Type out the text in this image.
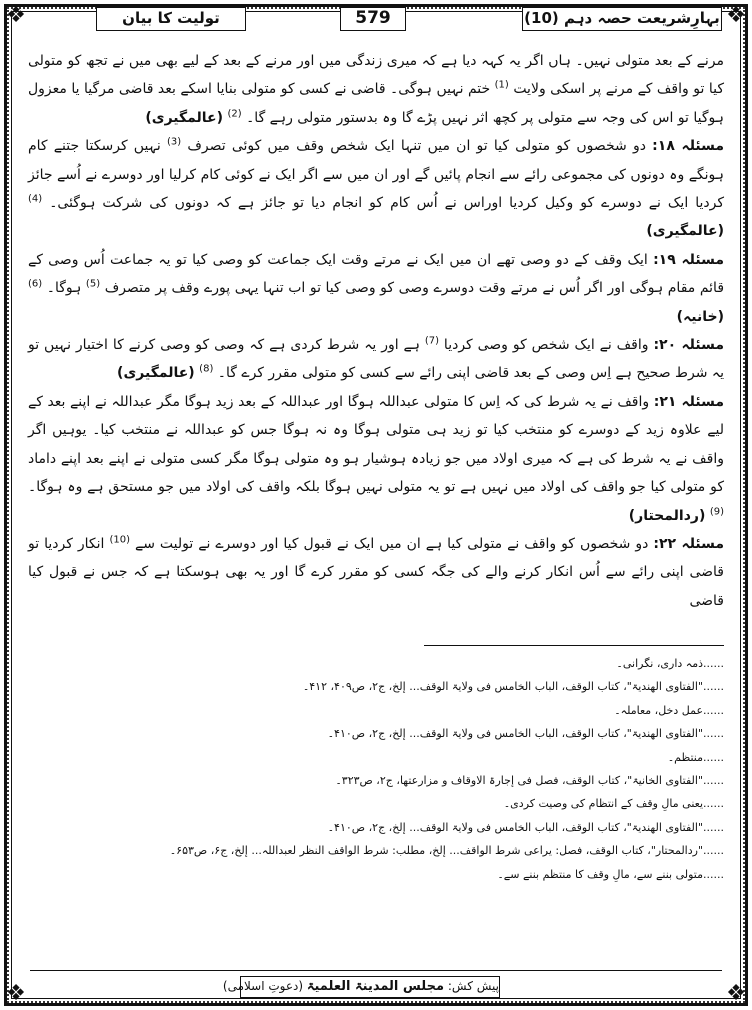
❖	❖
❖	❖
بہارِشریعت حصہ دہم (10)
579
تولیت کا بیان

مرنے کے بعد متولی نہیں۔ ہاں اگر یہ کہہ دیا ہے کہ میری زندگی میں اور مرنے کے بعد کے لیے بھی میں نے تجھ کو متولی کیا تو واقف کے مرنے پر اسکی ولایت $^{(1)}$ ختم نہیں ہوگی۔ قاضی نے کسی کو متولی بنایا اسکے بعد قاضی مرگیا یا معزول ہوگیا تو اس کی وجہ سے متولی پر کچھ اثر نہیں پڑے گا وہ بدستور متولی رہے گا۔ $^{(2)}$ (عالمگیری)

مسئلہ ۱۸: دو شخصوں کو متولی کیا تو ان میں تنہا ایک شخص وقف میں کوئی تصرف $^{(3)}$ نہیں کرسکتا جتنے کام ہونگے وہ دونوں کی مجموعی رائے سے انجام پائیں گے اور ان میں سے اگر ایک نے کوئی کام کرلیا اور دوسرے نے اُسے جائز کردیا ایک نے دوسرے کو وکیل کردیا اوراس نے اُس کام کو انجام دیا تو جائز ہے کہ دونوں کی شرکت ہوگئی۔ $^{(4)}$ (عالمگیری)

مسئلہ ۱۹: ایک وقف کے دو وصی تھے ان میں ایک نے مرتے وقت ایک جماعت کو وصی کیا تو یہ جماعت اُس وصی کے قائم مقام ہوگی اور اگر اُس نے مرتے وقت دوسرے وصی کو وصی کیا تو اب تنہا یہی پورے وقف پر متصرف $^{(5)}$ ہوگا۔ $^{(6)}$ (خانیہ)

مسئلہ ۲۰: واقف نے ایک شخص کو وصی کردیا $^{(7)}$ ہے اور یہ شرط کردی ہے کہ وصی کو وصی کرنے کا اختیار نہیں تو یہ شرط صحیح ہے اِس وصی کے بعد قاضی اپنی رائے سے کسی کو متولی مقرر کرے گا۔ $^{(8)}$ (عالمگیری)

مسئلہ ۲۱: واقف نے یہ شرط کی کہ اِس کا متولی عبداللہ ہوگا اور عبداللہ کے بعد زید ہوگا مگر عبداللہ نے اپنے بعد کے لیے علاوہ زید کے دوسرے کو منتخب کیا تو زید ہی متولی ہوگا وہ نہ ہوگا جس کو عبداللہ نے منتخب کیا۔ یوہیں اگر واقف نے یہ شرط کی ہے کہ میری اولاد میں جو زیادہ ہوشیار ہو وہ متولی ہوگا مگر کسی متولی نے اپنے بعد اپنے داماد کو متولی کیا جو واقف کی اولاد میں نہیں ہے تو یہ متولی نہیں ہوگا بلکہ واقف کی اولاد میں جو مستحق ہے وہ ہوگا۔ $^{(9)}$ (ردالمحتار)

مسئلہ ۲۲: دو شخصوں کو واقف نے متولی کیا ہے ان میں ایک نے قبول کیا اور دوسرے نے تولیت سے $^{(10)}$ انکار کردیا تو قاضی اپنی رائے سے اُس انکار کرنے والے کی جگہ کسی کو مقرر کرے گا اور یہ بھی ہوسکتا ہے کہ جس نے قبول کیا قاضی

......ذمہ داری، نگرانی۔
......"الفتاوی الھندیۃ"، کتاب الوقف، الباب الخامس فی ولایۃ الوقف... إلخ، ج۲، ص۴۰۹، ۴۱۲۔
......عمل دخل، معاملہ۔
......"الفتاوی الھندیۃ"، کتاب الوقف، الباب الخامس فی ولایۃ الوقف... إلخ، ج۲، ص۴۱۰۔
......منتظم۔
......"الفتاوی الخانیۃ"، کتاب الوقف، فصل فی إجارۃ الاوقاف و مزارعتھا، ج۲، ص۳۲۳۔
......یعنی مالِ وقف کے انتظام کی وصیت کردی۔
......"الفتاوی الھندیۃ"، کتاب الوقف، الباب الخامس فی ولایۃ الوقف... إلخ، ج۲، ص۴۱۰۔
......"ردالمحتار"، کتاب الوقف، فصل: یراعی شرط الواقف... إلخ، مطلب: شرط الواقف النظر لعبداللہ... إلخ، ج۶، ص۶۵۳۔
......متولی بننے سے، مالِ وقف کا منتظم بننے سے۔
پیش کش: مجلس المدینۃ العلمیۃ (دعوتِ اسلامی)
